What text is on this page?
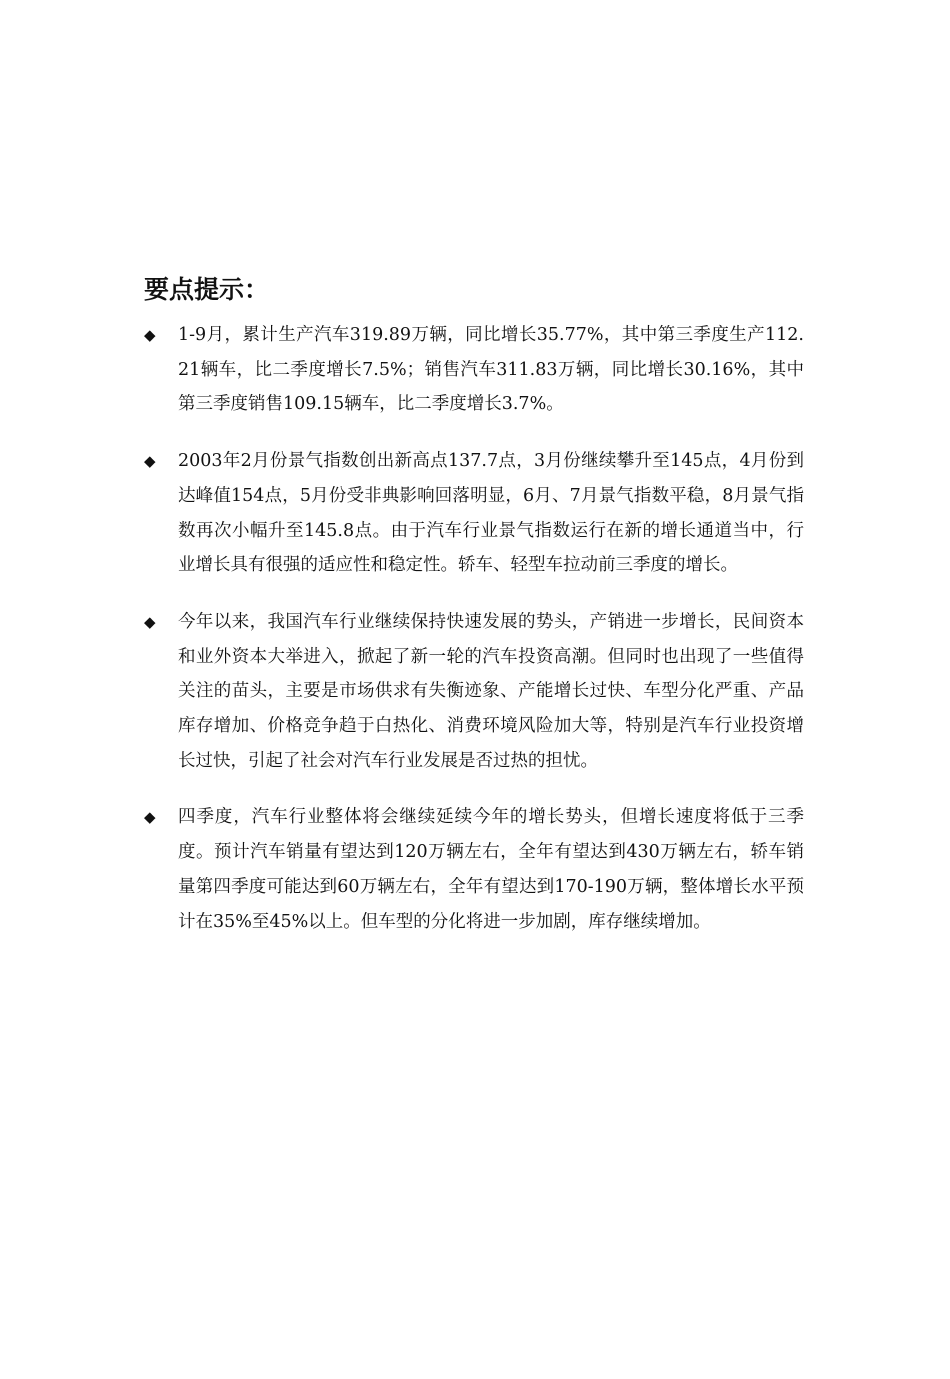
要点提示：
◆	1-9月，累计生产汽车319.89万辆，同比增长35.77%，其中第三季度生产112.21辆车，比二季度增长7.5%；销售汽车311.83万辆，同比增长30.16%，其中第三季度销售109.15辆车，比二季度增长3.7%。
◆	2003年2月份景气指数创出新高点137.7点，3月份继续攀升至145点，4月份到达峰值154点，5月份受非典影响回落明显，6月、7月景气指数平稳，8月景气指数再次小幅升至145.8点。由于汽车行业景气指数运行在新的增长通道当中，行业增长具有很强的适应性和稳定性。轿车、轻型车拉动前三季度的增长。
◆	今年以来，我国汽车行业继续保持快速发展的势头，产销进一步增长，民间资本和业外资本大举进入，掀起了新一轮的汽车投资高潮。但同时也出现了一些值得关注的苗头，主要是市场供求有失衡迹象、产能增长过快、车型分化严重、产品库存增加、价格竞争趋于白热化、消费环境风险加大等，特别是汽车行业投资增长过快，引起了社会对汽车行业发展是否过热的担忧。
◆	四季度，汽车行业整体将会继续延续今年的增长势头，但增长速度将低于三季度。预计汽车销量有望达到120万辆左右，全年有望达到430万辆左右，轿车销量第四季度可能达到60万辆左右，全年有望达到170-190万辆，整体增长水平预计在35%至45%以上。但车型的分化将进一步加剧，库存继续增加。
